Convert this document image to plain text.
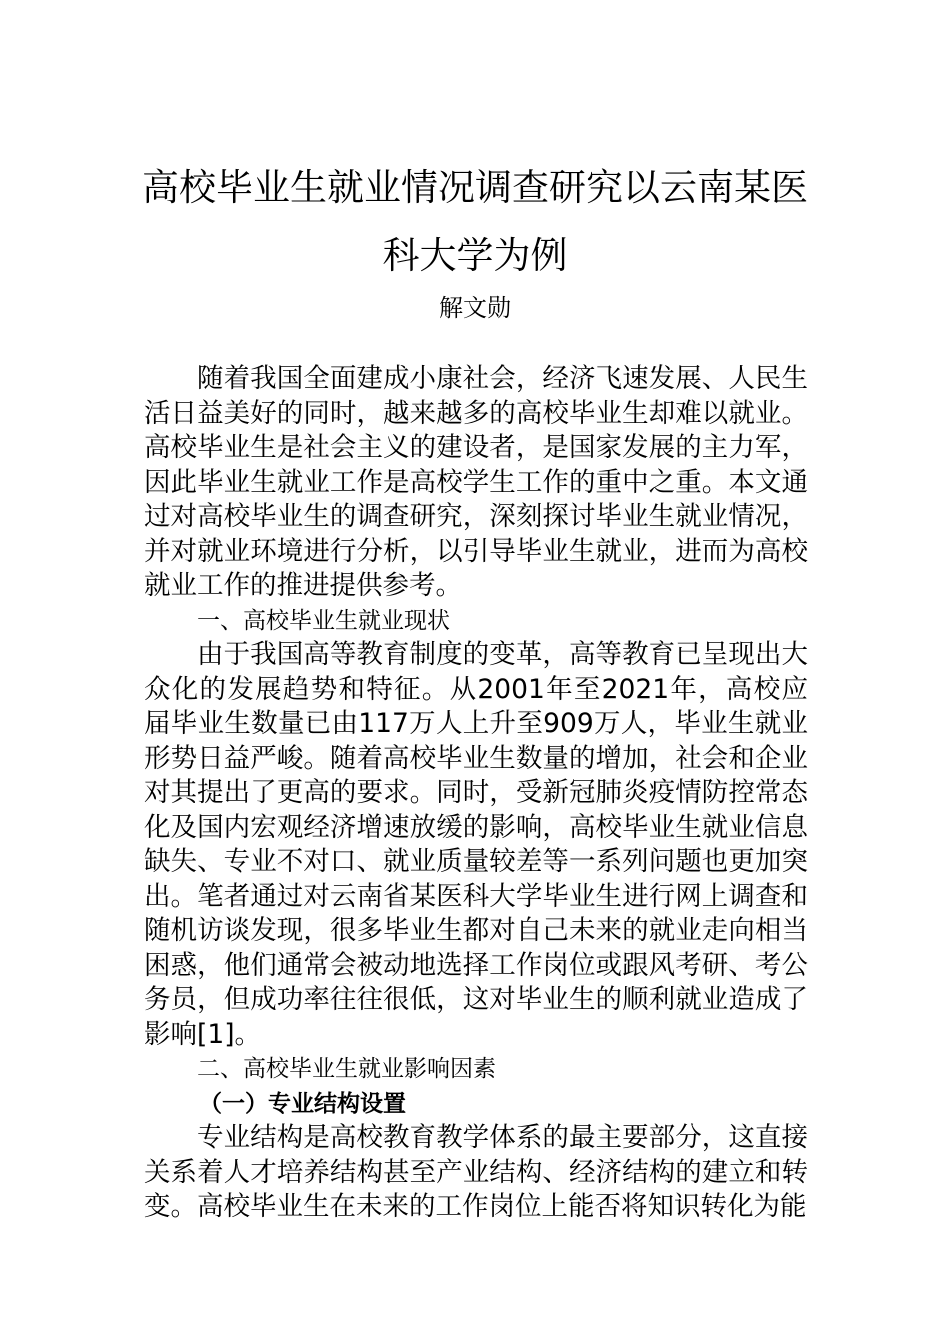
高校毕业生就业情况调查研究以云南某医
科大学为例
解文勋

随着我国全面建成小康社会，经济飞速发展、人民生活日益美好的同时，越来越多的高校毕业生却难以就业。高校毕业生是社会主义的建设者，是国家发展的主力军，因此毕业生就业工作是高校学生工作的重中之重。本文通过对高校毕业生的调查研究，深刻探讨毕业生就业情况，并对就业环境进行分析，以引导毕业生就业，进而为高校就业工作的推进提供参考。

一、高校毕业生就业现状

由于我国高等教育制度的变革，高等教育已呈现出大众化的发展趋势和特征。从2001年至2021年，高校应届毕业生数量已由117万人上升至909万人，毕业生就业形势日益严峻。随着高校毕业生数量的增加，社会和企业对其提出了更高的要求。同时，受新冠肺炎疫情防控常态化及国内宏观经济增速放缓的影响，高校毕业生就业信息缺失、专业不对口、就业质量较差等一系列问题也更加突出。笔者通过对云南省某医科大学毕业生进行网上调查和随机访谈发现，很多毕业生都对自己未来的就业走向相当困惑，他们通常会被动地选择工作岗位或跟风考研、考公务员，但成功率往往很低，这对毕业生的顺利就业造成了影响[1]。

二、高校毕业生就业影响因素

（一）专业结构设置

专业结构是高校教育教学体系的最主要部分，这直接关系着人才培养结构甚至产业结构、经济结构的建立和转变。高校毕业生在未来的工作岗位上能否将知识转化为能
